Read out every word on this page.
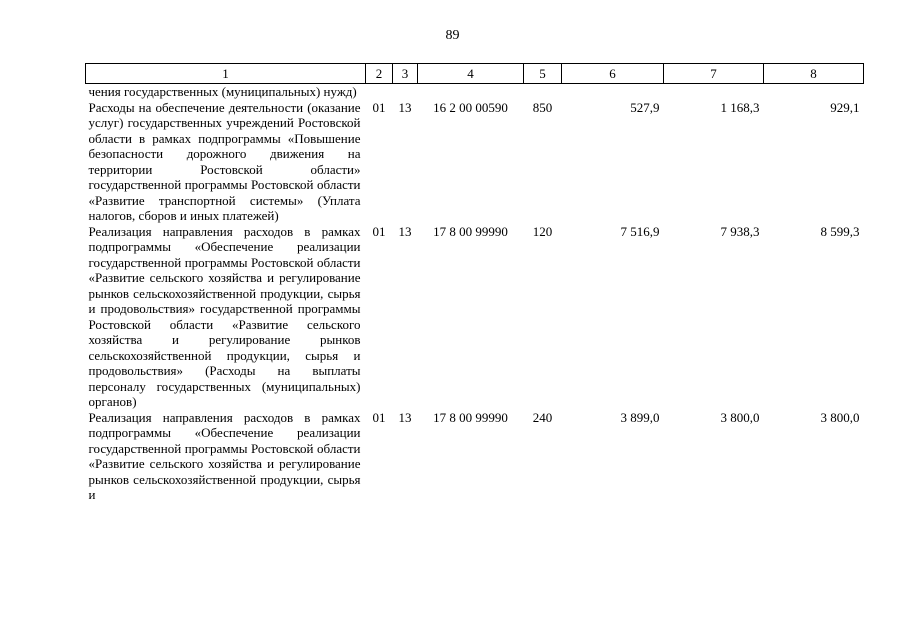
89
1	2	3	4	5	6	7	8
чения государственных (муниципальных) нужд)							
Расходы на обеспечение деятельности (оказание услуг) государственных учреждений Ростовской области в рамках подпрограммы «Повышение безопасности дорожного движения на территории Ростовской области» государственной программы Ростовской области «Развитие транспортной системы» (Уплата налогов, сборов и иных платежей)	01	13	16 2 00 00590	850	527,9	1 168,3	929,1
Реализация направления расходов в рамках подпрограммы «Обеспечение реализации государственной программы Ростовской области «Развитие сельского хозяйства и регулирование рынков сельскохозяйственной продукции, сырья и продовольствия» государственной программы Ростовской области «Развитие сельского хозяйства и регулирование рынков сельскохозяйственной продукции, сырья и продовольствия» (Расходы на выплаты персоналу государственных (муниципальных) органов)	01	13	17 8 00 99990	120	7 516,9	7 938,3	8 599,3
Реализация направления расходов в рамках подпрограммы «Обеспечение реализации государственной программы Ростовской области «Развитие сельского хозяйства и регулирование рынков сельскохозяйственной продукции, сырья и	01	13	17 8 00 99990	240	3 899,0	3 800,0	3 800,0
